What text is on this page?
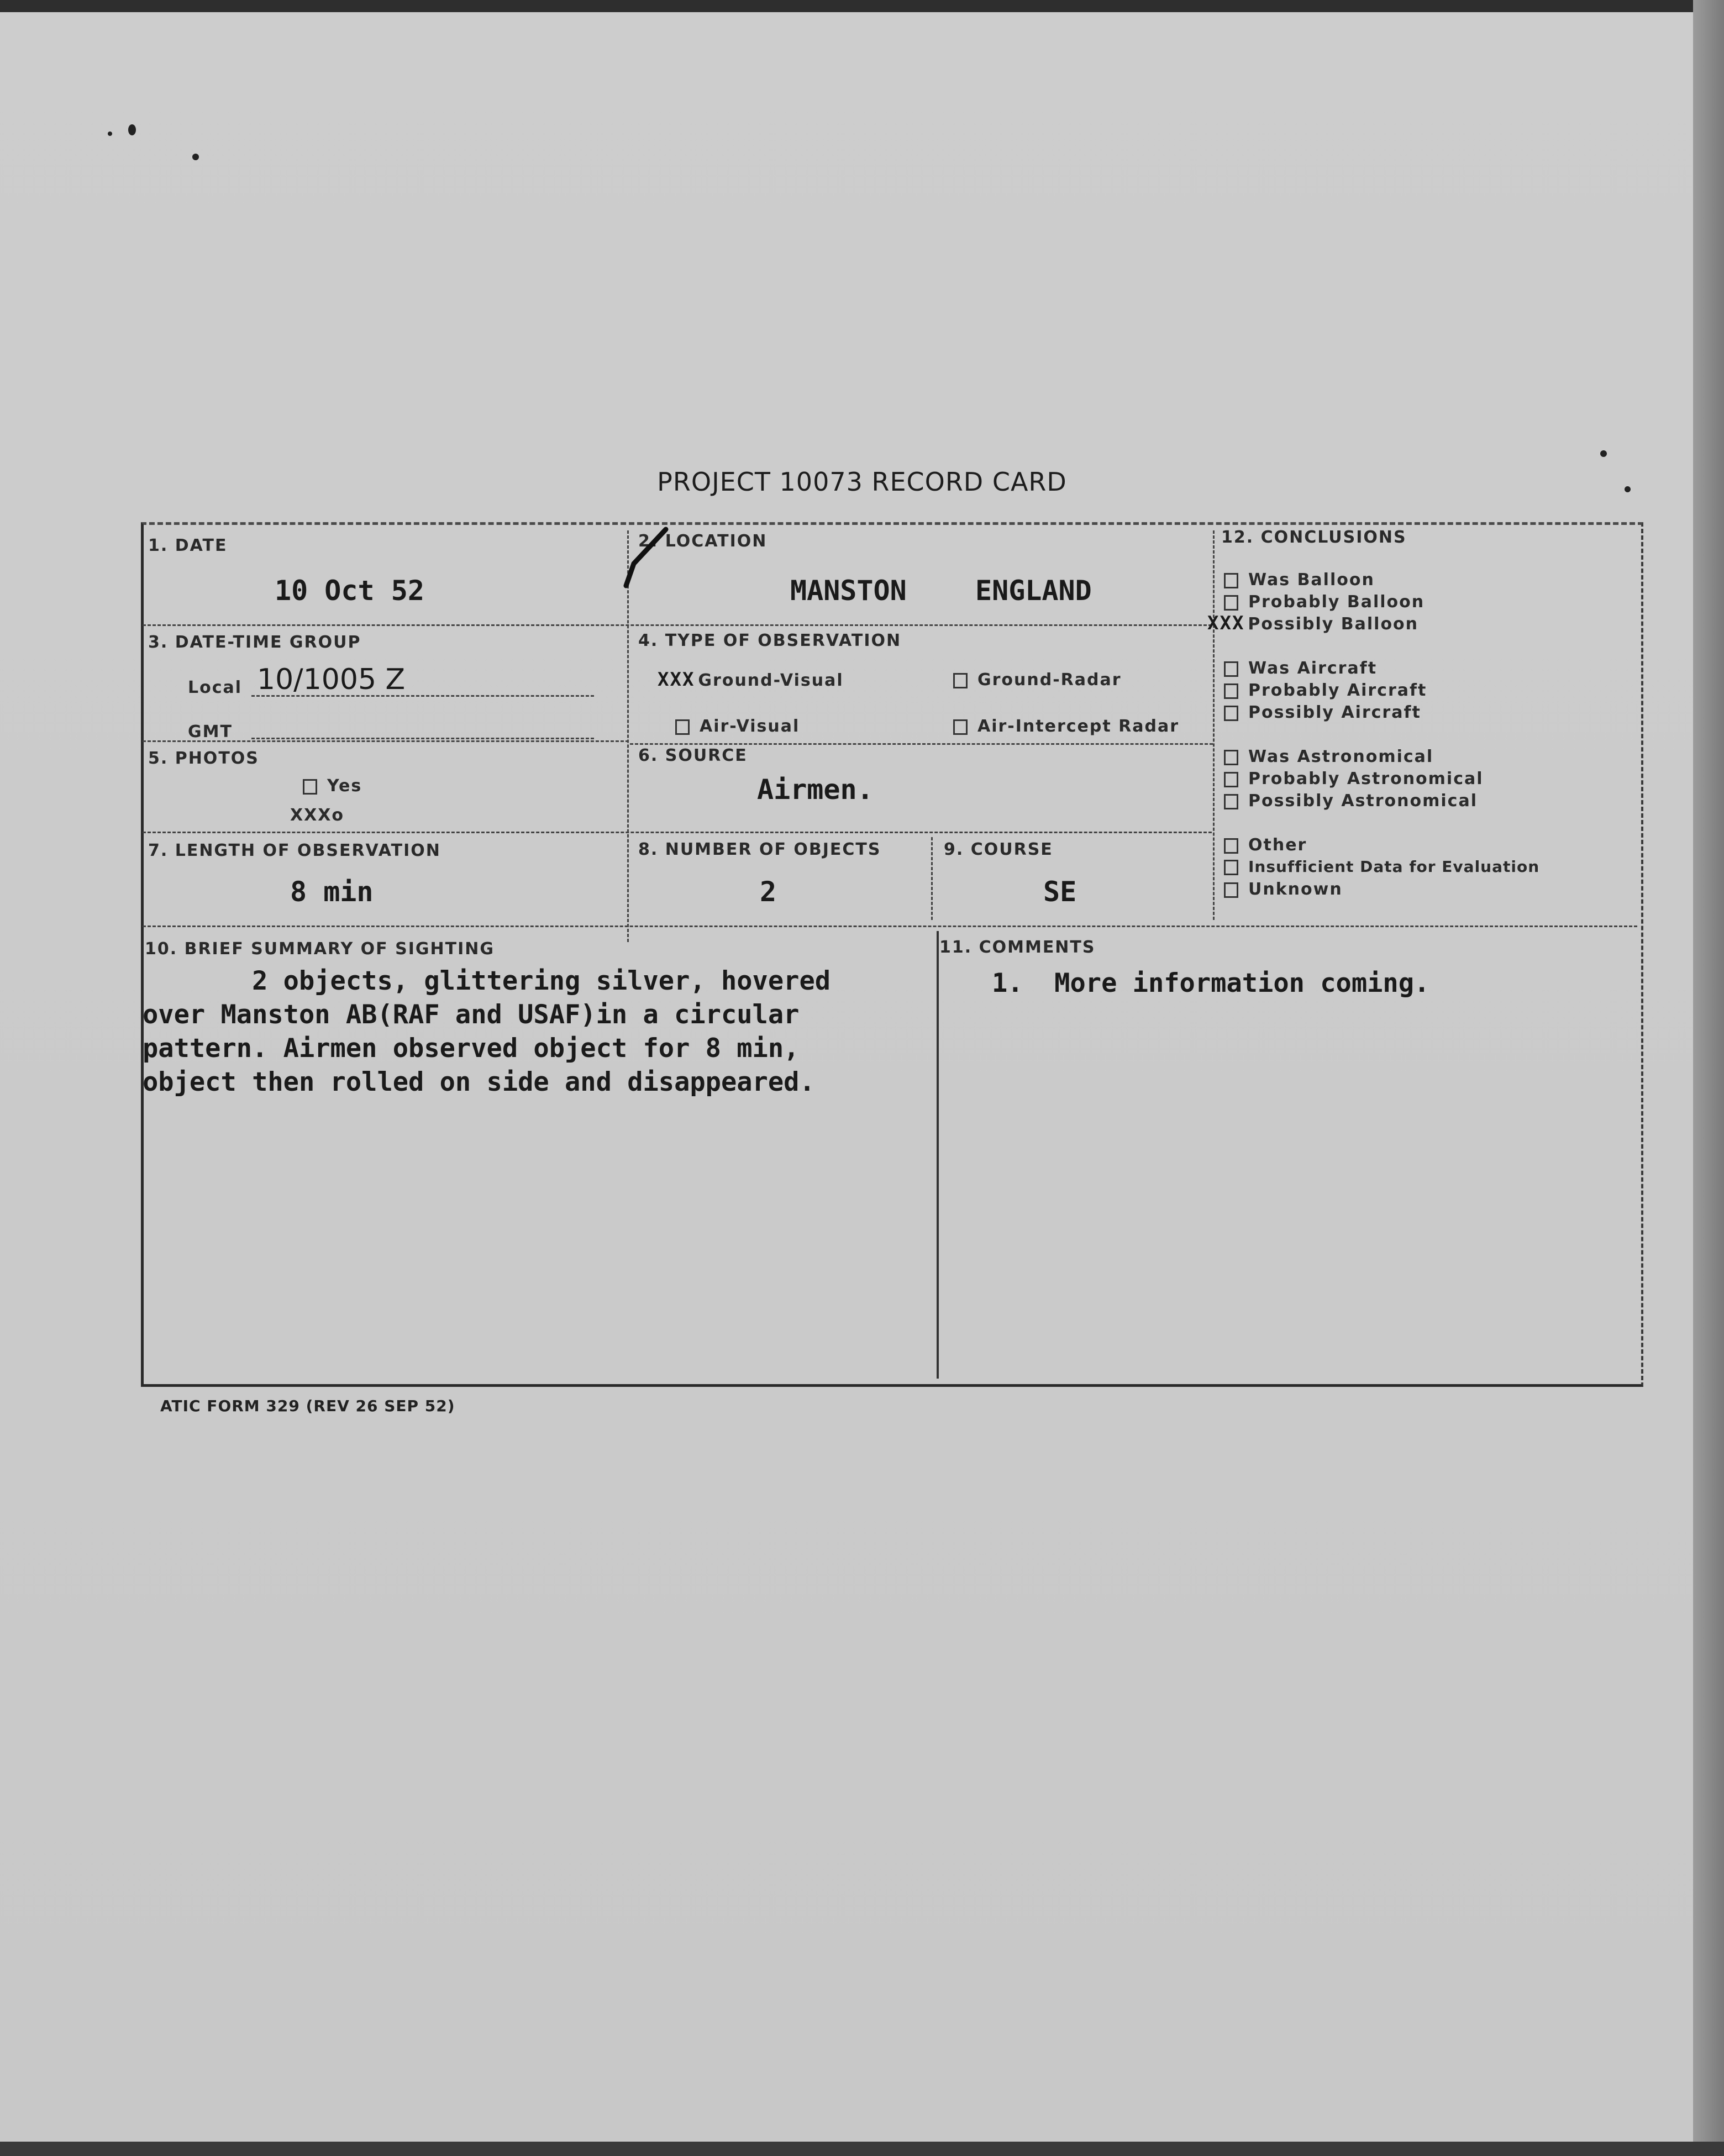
PROJECT 10073 RECORD CARD
1. DATE
10 Oct 52
2. LOCATION
MANSTON ENGLAND
3. DATE-TIME GROUP
Local 10/1005 Z
GMT
4. TYPE OF OBSERVATION
XXX Ground-Visual	Ground-Radar
Air-Visual	Air-Intercept Radar
5. PHOTOS
Yes
XXXo
6. SOURCE
Airmen.
7. LENGTH OF OBSERVATION
8 min
8. NUMBER OF OBJECTS
2
9. COURSE
SE
10. BRIEF SUMMARY OF SIGHTING
2 objects, glittering silver, hovered
over Manston AB(RAF and USAF)in a circular
pattern. Airmen observed object for 8 min,
object then rolled on side and disappeared.
11. COMMENTS
1.  More information coming.
12. CONCLUSIONS
Was Balloon
Probably Balloon
XXX Possibly Balloon
Was Aircraft
Probably Aircraft
Possibly Aircraft
Was Astronomical
Probably Astronomical
Possibly Astronomical
Other
Insufficient Data for Evaluation
Unknown
ATIC FORM 329 (REV 26 SEP 52)
